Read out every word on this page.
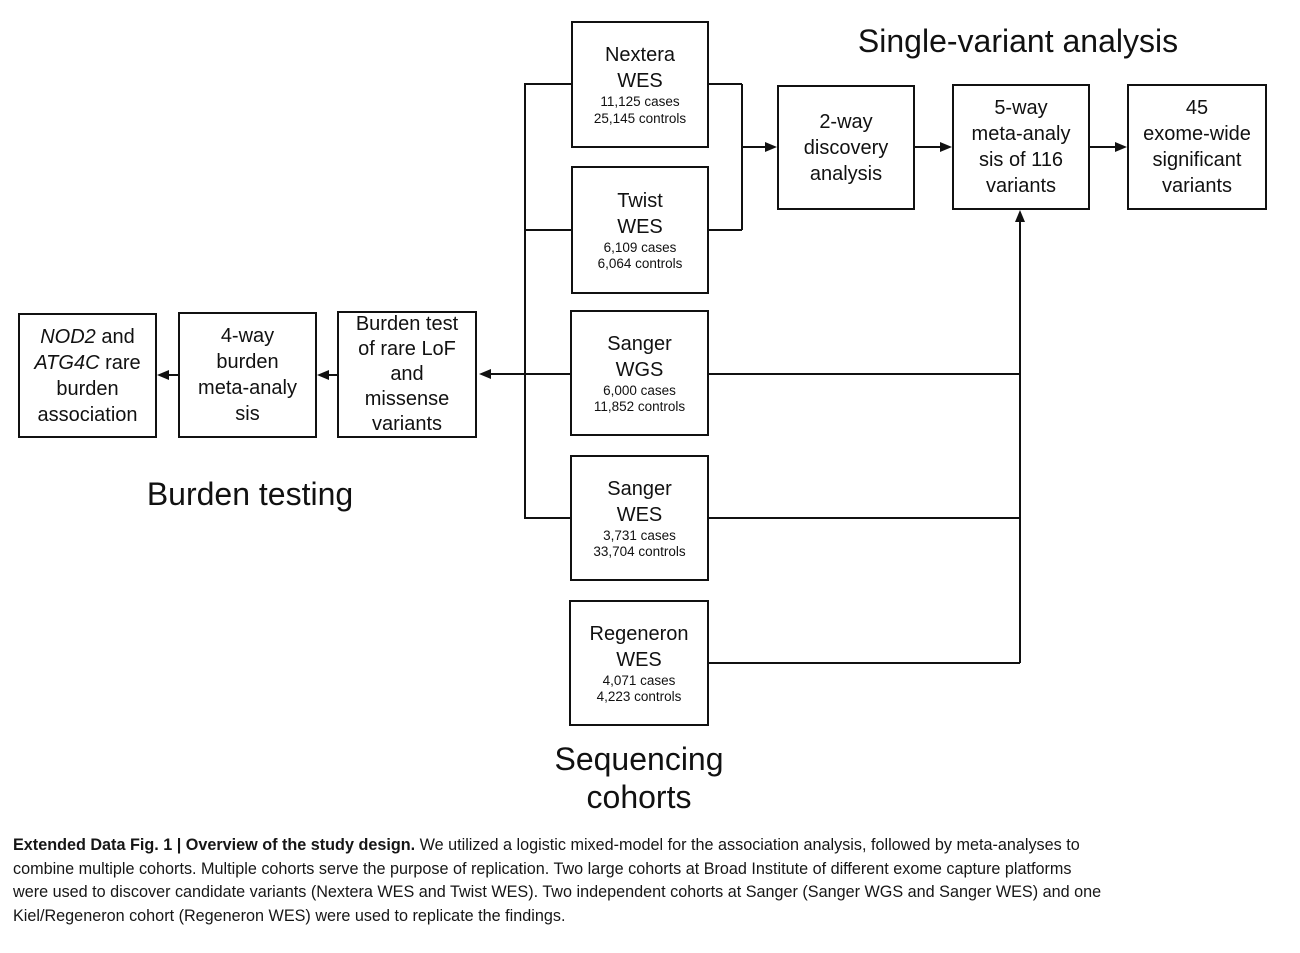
Single-variant analysis
Burden testing
Sequencing
cohorts
Nextera
WES
11,125 cases
25,145 controls
Twist
WES
6,109 cases
6,064 controls
Sanger
WGS
6,000 cases
11,852 controls
Sanger
WES
3,731 cases
33,704 controls
Regeneron
WES
4,071 cases
4,223 controls
2-way
discovery
analysis
5-way
meta-analy
sis of 116
variants
45
exome-wide
significant
variants
Burden test
of rare LoF
and
missense
variants
4-way
burden
meta-analy
sis
NOD2 and
ATG4C rare
burden
association
Extended Data Fig. 1 | Overview of the study design. We utilized a logistic mixed-model for the association analysis, followed by meta-analyses to
combine multiple cohorts. Multiple cohorts serve the purpose of replication. Two large cohorts at Broad Institute of different exome capture platforms
were used to discover candidate variants (Nextera WES and Twist WES). Two independent cohorts at Sanger (Sanger WGS and Sanger WES) and one
Kiel/Regeneron cohort (Regeneron WES) were used to replicate the findings.
